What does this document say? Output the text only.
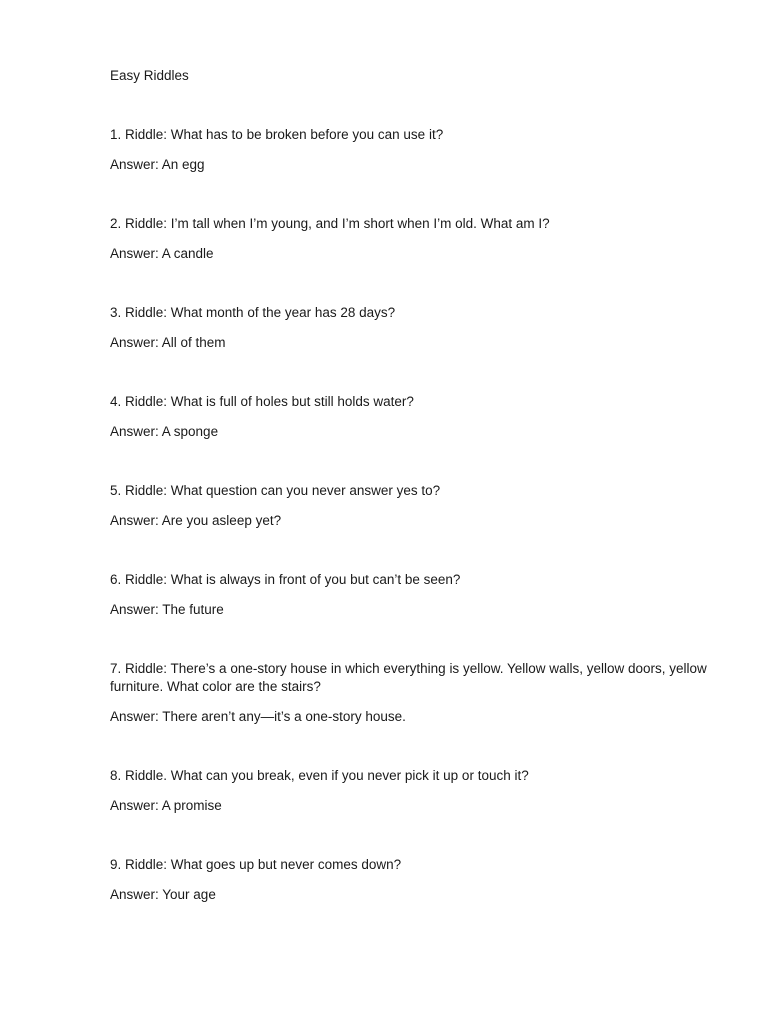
Easy Riddles

1. Riddle: What has to be broken before you can use it?

Answer: An egg

2. Riddle: I’m tall when I’m young, and I’m short when I’m old. What am I?

Answer: A candle

3. Riddle: What month of the year has 28 days?

Answer: All of them

4. Riddle: What is full of holes but still holds water?

Answer: A sponge

5. Riddle: What question can you never answer yes to?

Answer: Are you asleep yet?

6. Riddle: What is always in front of you but can’t be seen?

Answer: The future

7. Riddle: There’s a one-story house in which everything is yellow. Yellow walls, yellow doors, yellow furniture. What color are the stairs?

Answer: There aren’t any—it’s a one-story house.

8. Riddle. What can you break, even if you never pick it up or touch it?

Answer: A promise

9. Riddle: What goes up but never comes down?

Answer: Your age
